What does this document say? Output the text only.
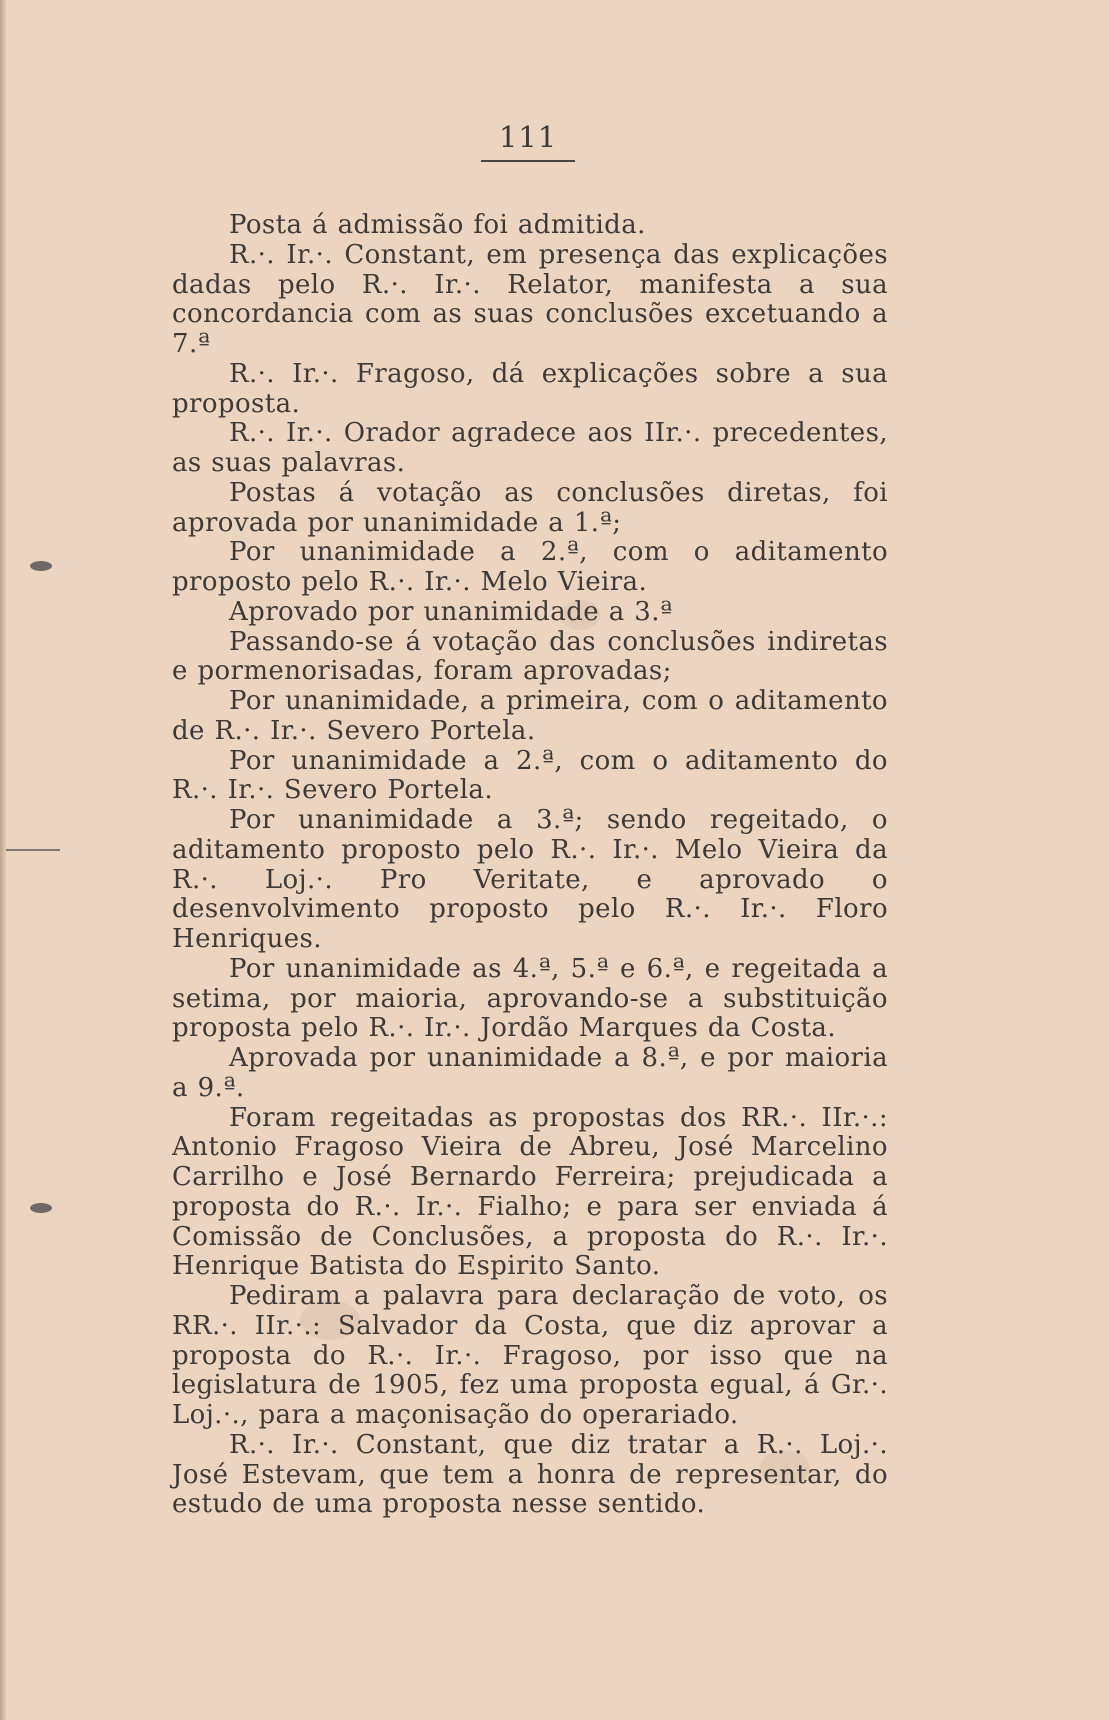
111

Posta á admissão foi admitida.

R.·. Ir.·. Constant, em presença das explicações dadas pelo R.·. Ir.·. Relator, manifesta a sua concordancia com as suas conclusões excetuando a 7.ª

R.·. Ir.·. Fragoso, dá explicações sobre a sua proposta.

R.·. Ir.·. Orador agradece aos IIr.·. precedentes, as suas palavras.

Postas á votação as conclusões diretas, foi aprovada por unanimidade a 1.ª;

Por unanimidade a 2.ª, com o aditamento proposto pelo R.·. Ir.·. Melo Vieira.

Aprovado por unanimidade a 3.ª

Passando-se á votação das conclusões indiretas e pormenorisadas, foram aprovadas;

Por unanimidade, a primeira, com o aditamento de R.·. Ir.·. Severo Portela.

Por unanimidade a 2.ª, com o aditamento do R.·. Ir.·. Severo Portela.

Por unanimidade a 3.ª; sendo regeitado, o aditamento proposto pelo R.·. Ir.·. Melo Vieira da R.·. Loj.·. Pro Veritate, e aprovado o desenvolvimento proposto pelo R.·. Ir.·. Floro Henriques.

Por unanimidade as 4.ª, 5.ª e 6.ª, e regeitada a setima, por maioria, aprovando-se a substituição proposta pelo R.·. Ir.·. Jordão Marques da Costa.

Aprovada por unanimidade a 8.ª, e por maioria a 9.ª.

Foram regeitadas as propostas dos RR.·. IIr.·.: Antonio Fragoso Vieira de Abreu, José Marcelino Carrilho e José Bernardo Ferreira; prejudicada a proposta do R.·. Ir.·. Fialho; e para ser enviada á Comissão de Conclusões, a proposta do R.·. Ir.·. Henrique Batista do Espirito Santo.

Pediram a palavra para declaração de voto, os RR.·. IIr.·.: Salvador da Costa, que diz aprovar a proposta do R.·. Ir.·. Fragoso, por isso que na legislatura de 1905, fez uma proposta egual, á Gr.·. Loj.·., para a maçonisação do operariado.

R.·. Ir.·. Constant, que diz tratar a R.·. Loj.·. José Estevam, que tem a honra de representar, do estudo de uma proposta nesse sentido.
